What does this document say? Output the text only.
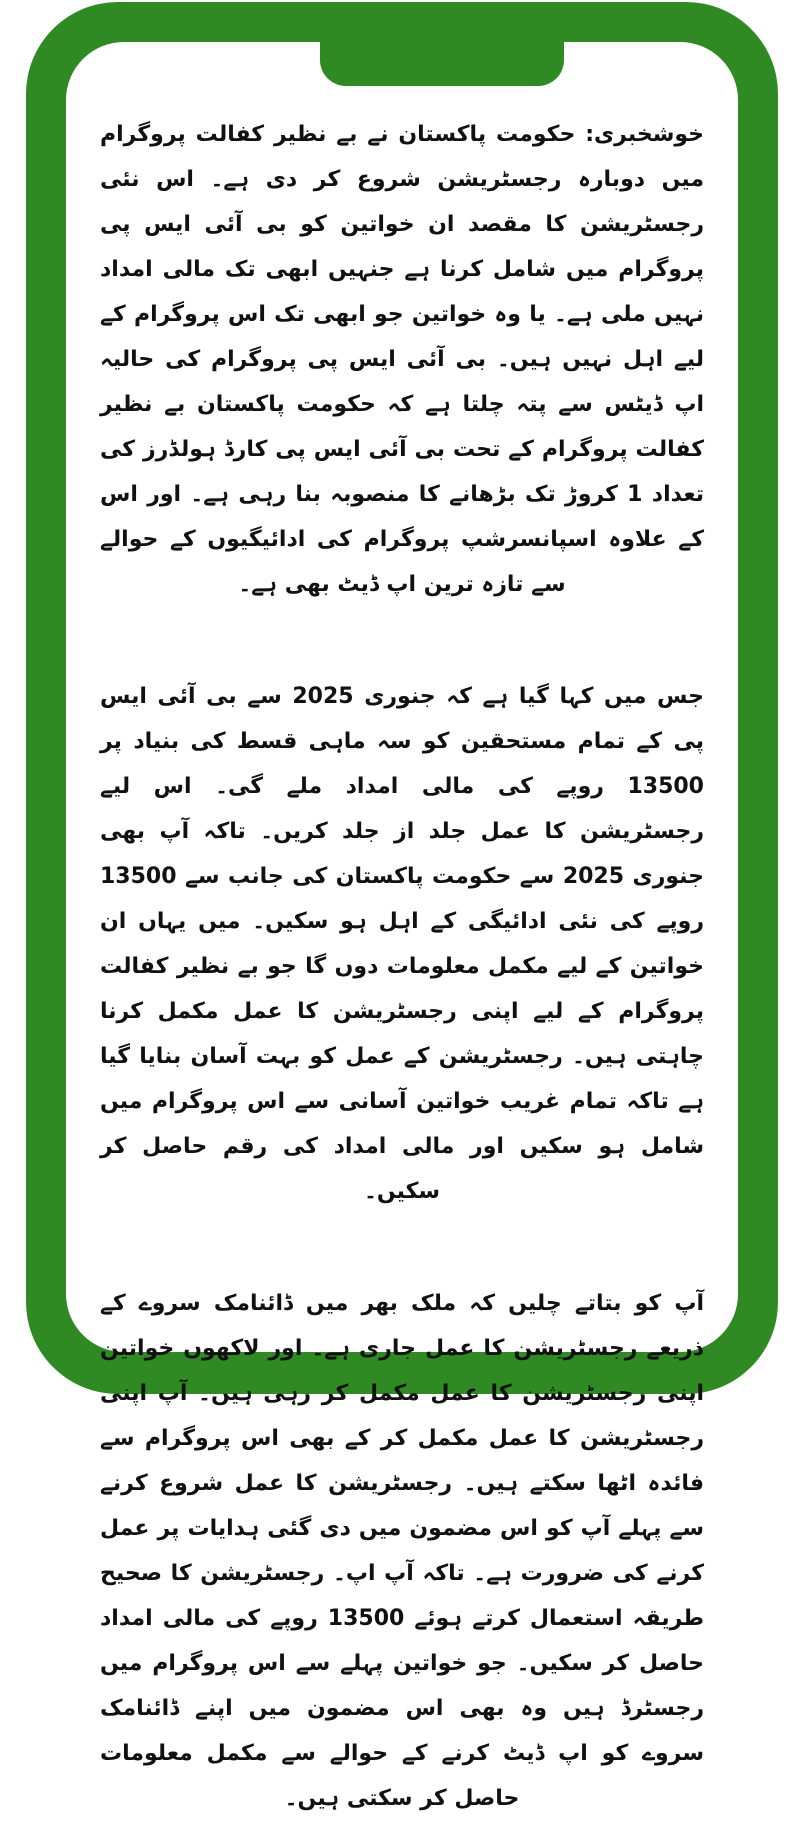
خوشخبری: حکومت پاکستان نے بے نظیر کفالت پروگرام میں دوبارہ رجسٹریشن شروع کر دی ہے۔ اس نئی رجسٹریشن کا مقصد ان خواتین کو بی آئی ایس پی پروگرام میں شامل کرنا ہے جنہیں ابھی تک مالی امداد نہیں ملی ہے۔ یا وہ خواتین جو ابھی تک اس پروگرام کے لیے اہل نہیں ہیں۔ بی آئی ایس پی پروگرام کی حالیہ اپ ڈیٹس سے پتہ چلتا ہے کہ حکومت پاکستان بے نظیر کفالت پروگرام کے تحت بی آئی ایس پی کارڈ ہولڈرز کی تعداد 1 کروڑ تک بڑھانے کا منصوبہ بنا رہی ہے۔ اور اس کے علاوہ اسپانسرشپ پروگرام کی ادائیگیوں کے حوالے سے تازہ ترین اپ ڈیٹ بھی ہے۔

جس میں کہا گیا ہے کہ جنوری 2025 سے بی آئی ایس پی کے تمام مستحقین کو سہ ماہی قسط کی بنیاد پر 13500 روپے کی مالی امداد ملے گی۔ اس لیے رجسٹریشن کا عمل جلد از جلد کریں۔ تاکہ آپ بھی جنوری 2025 سے حکومت پاکستان کی جانب سے 13500 روپے کی نئی ادائیگی کے اہل ہو سکیں۔ میں یہاں ان خواتین کے لیے مکمل معلومات دوں گا جو بے نظیر کفالت پروگرام کے لیے اپنی رجسٹریشن کا عمل مکمل کرنا چاہتی ہیں۔ رجسٹریشن کے عمل کو بہت آسان بنایا گیا ہے تاکہ تمام غریب خواتین آسانی سے اس پروگرام میں شامل ہو سکیں اور مالی امداد کی رقم حاصل کر سکیں۔

آپ کو بتاتے چلیں کہ ملک بھر میں ڈائنامک سروے کے ذریعے رجسٹریشن کا عمل جاری ہے۔ اور لاکھوں خواتین اپنی رجسٹریشن کا عمل مکمل کر رہی ہیں۔ آپ اپنی رجسٹریشن کا عمل مکمل کر کے بھی اس پروگرام سے فائدہ اٹھا سکتے ہیں۔ رجسٹریشن کا عمل شروع کرنے سے پہلے آپ کو اس مضمون میں دی گئی ہدایات پر عمل کرنے کی ضرورت ہے۔ تاکہ آپ اپ۔ رجسٹریشن کا صحیح طریقہ استعمال کرتے ہوئے 13500 روپے کی مالی امداد حاصل کر سکیں۔ جو خواتین پہلے سے اس پروگرام میں رجسٹرڈ ہیں وہ بھی اس مضمون میں اپنے ڈائنامک سروے کو اپ ڈیٹ کرنے کے حوالے سے مکمل معلومات حاصل کر سکتی ہیں۔
